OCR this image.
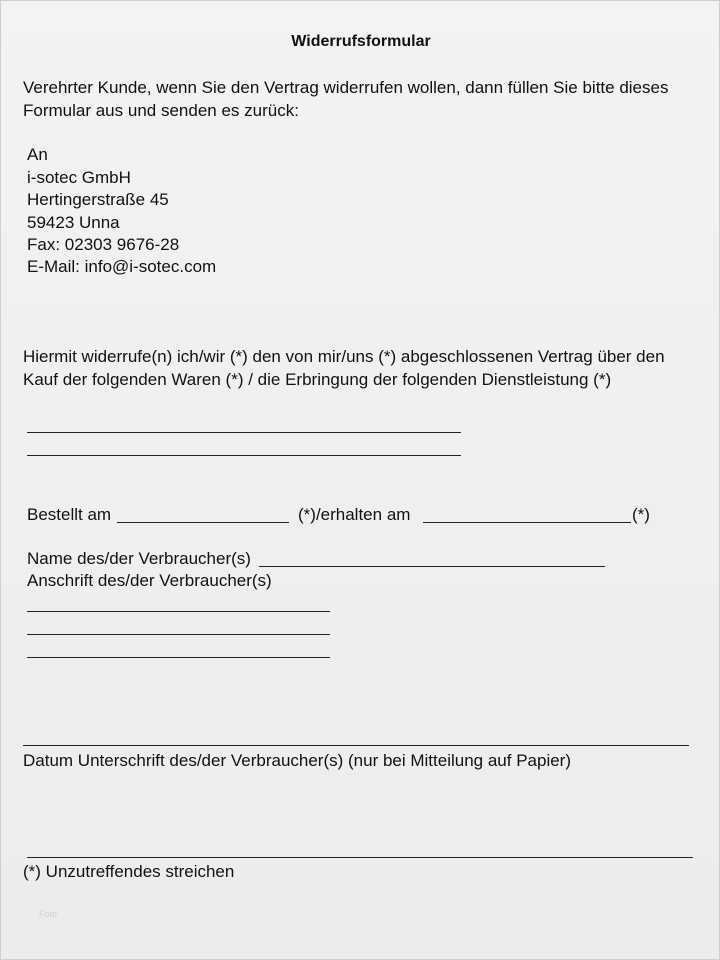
Widerrufsformular
Verehrter Kunde, wenn Sie den Vertrag widerrufen wollen, dann füllen Sie bitte dieses
Formular aus und senden es zurück:
An
i-sotec GmbH
Hertingerstraße 45
59423 Unna
Fax: 02303 9676-28
E-Mail: info@i-sotec.com
Hiermit widerrufe(n) ich/wir (*) den von mir/uns (*) abgeschlossenen Vertrag über den
Kauf der folgenden Waren (*) / die Erbringung der folgenden Dienstleistung (*)
Bestellt am	(*)/erhalten am	(*)
Name des/der Verbraucher(s)
Anschrift des/der Verbraucher(s)
Datum Unterschrift des/der Verbraucher(s) (nur bei Mitteilung auf Papier)
(*) Unzutreffendes streichen
Foto
